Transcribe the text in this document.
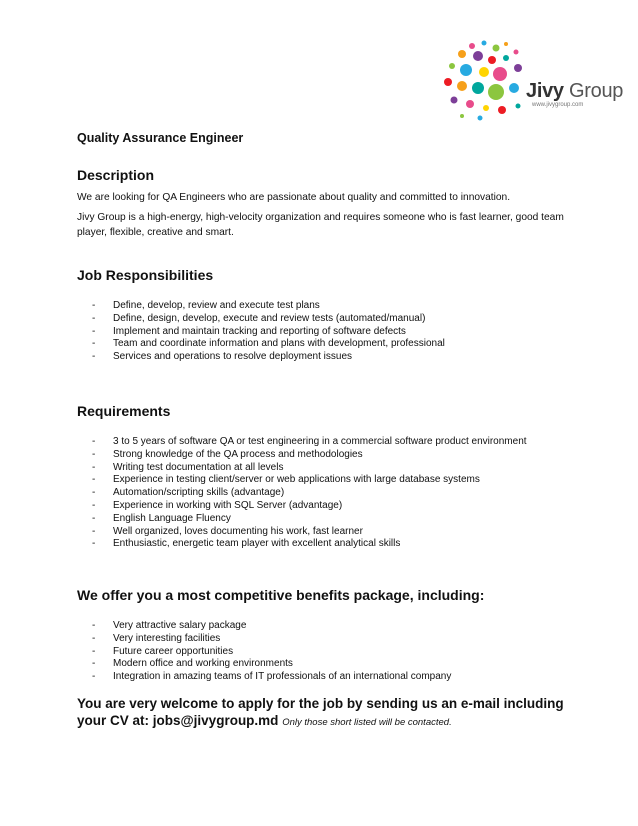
Jivy Group
www.jivygroup.com

Quality Assurance Engineer

Description

We are looking for QA Engineers who are passionate about quality and committed to innovation.

Jivy Group is a high-energy, high-velocity organization and requires someone who is fast learner, good team player, flexible, creative and smart.

Job Responsibilities
- Define, develop, review and execute test plans
- Define, design, develop, execute and review tests (automated/manual)
- Implement and maintain tracking and reporting of software defects
- Team and coordinate information and plans with development, professional
- Services and operations to resolve deployment issues
Requirements
- 3 to 5 years of software QA or test engineering in a commercial software product environment
- Strong knowledge of the QA process and methodologies
- Writing test documentation at all levels
- Experience in testing client/server or web applications with large database systems
- Automation/scripting skills (advantage)
- Experience in working with SQL Server (advantage)
- English Language Fluency
- Well organized, loves documenting his work, fast learner
- Enthusiastic, energetic team player with excellent analytical skills
We offer you a most competitive benefits package, including:
- Very attractive salary package
- Very interesting facilities
- Future career opportunities
- Modern office and working environments
- Integration in amazing teams of IT professionals of an international company

You are very welcome to apply for the job by sending us an e-mail including your CV at: jobs@jivygroup.md Only those short listed will be contacted.
